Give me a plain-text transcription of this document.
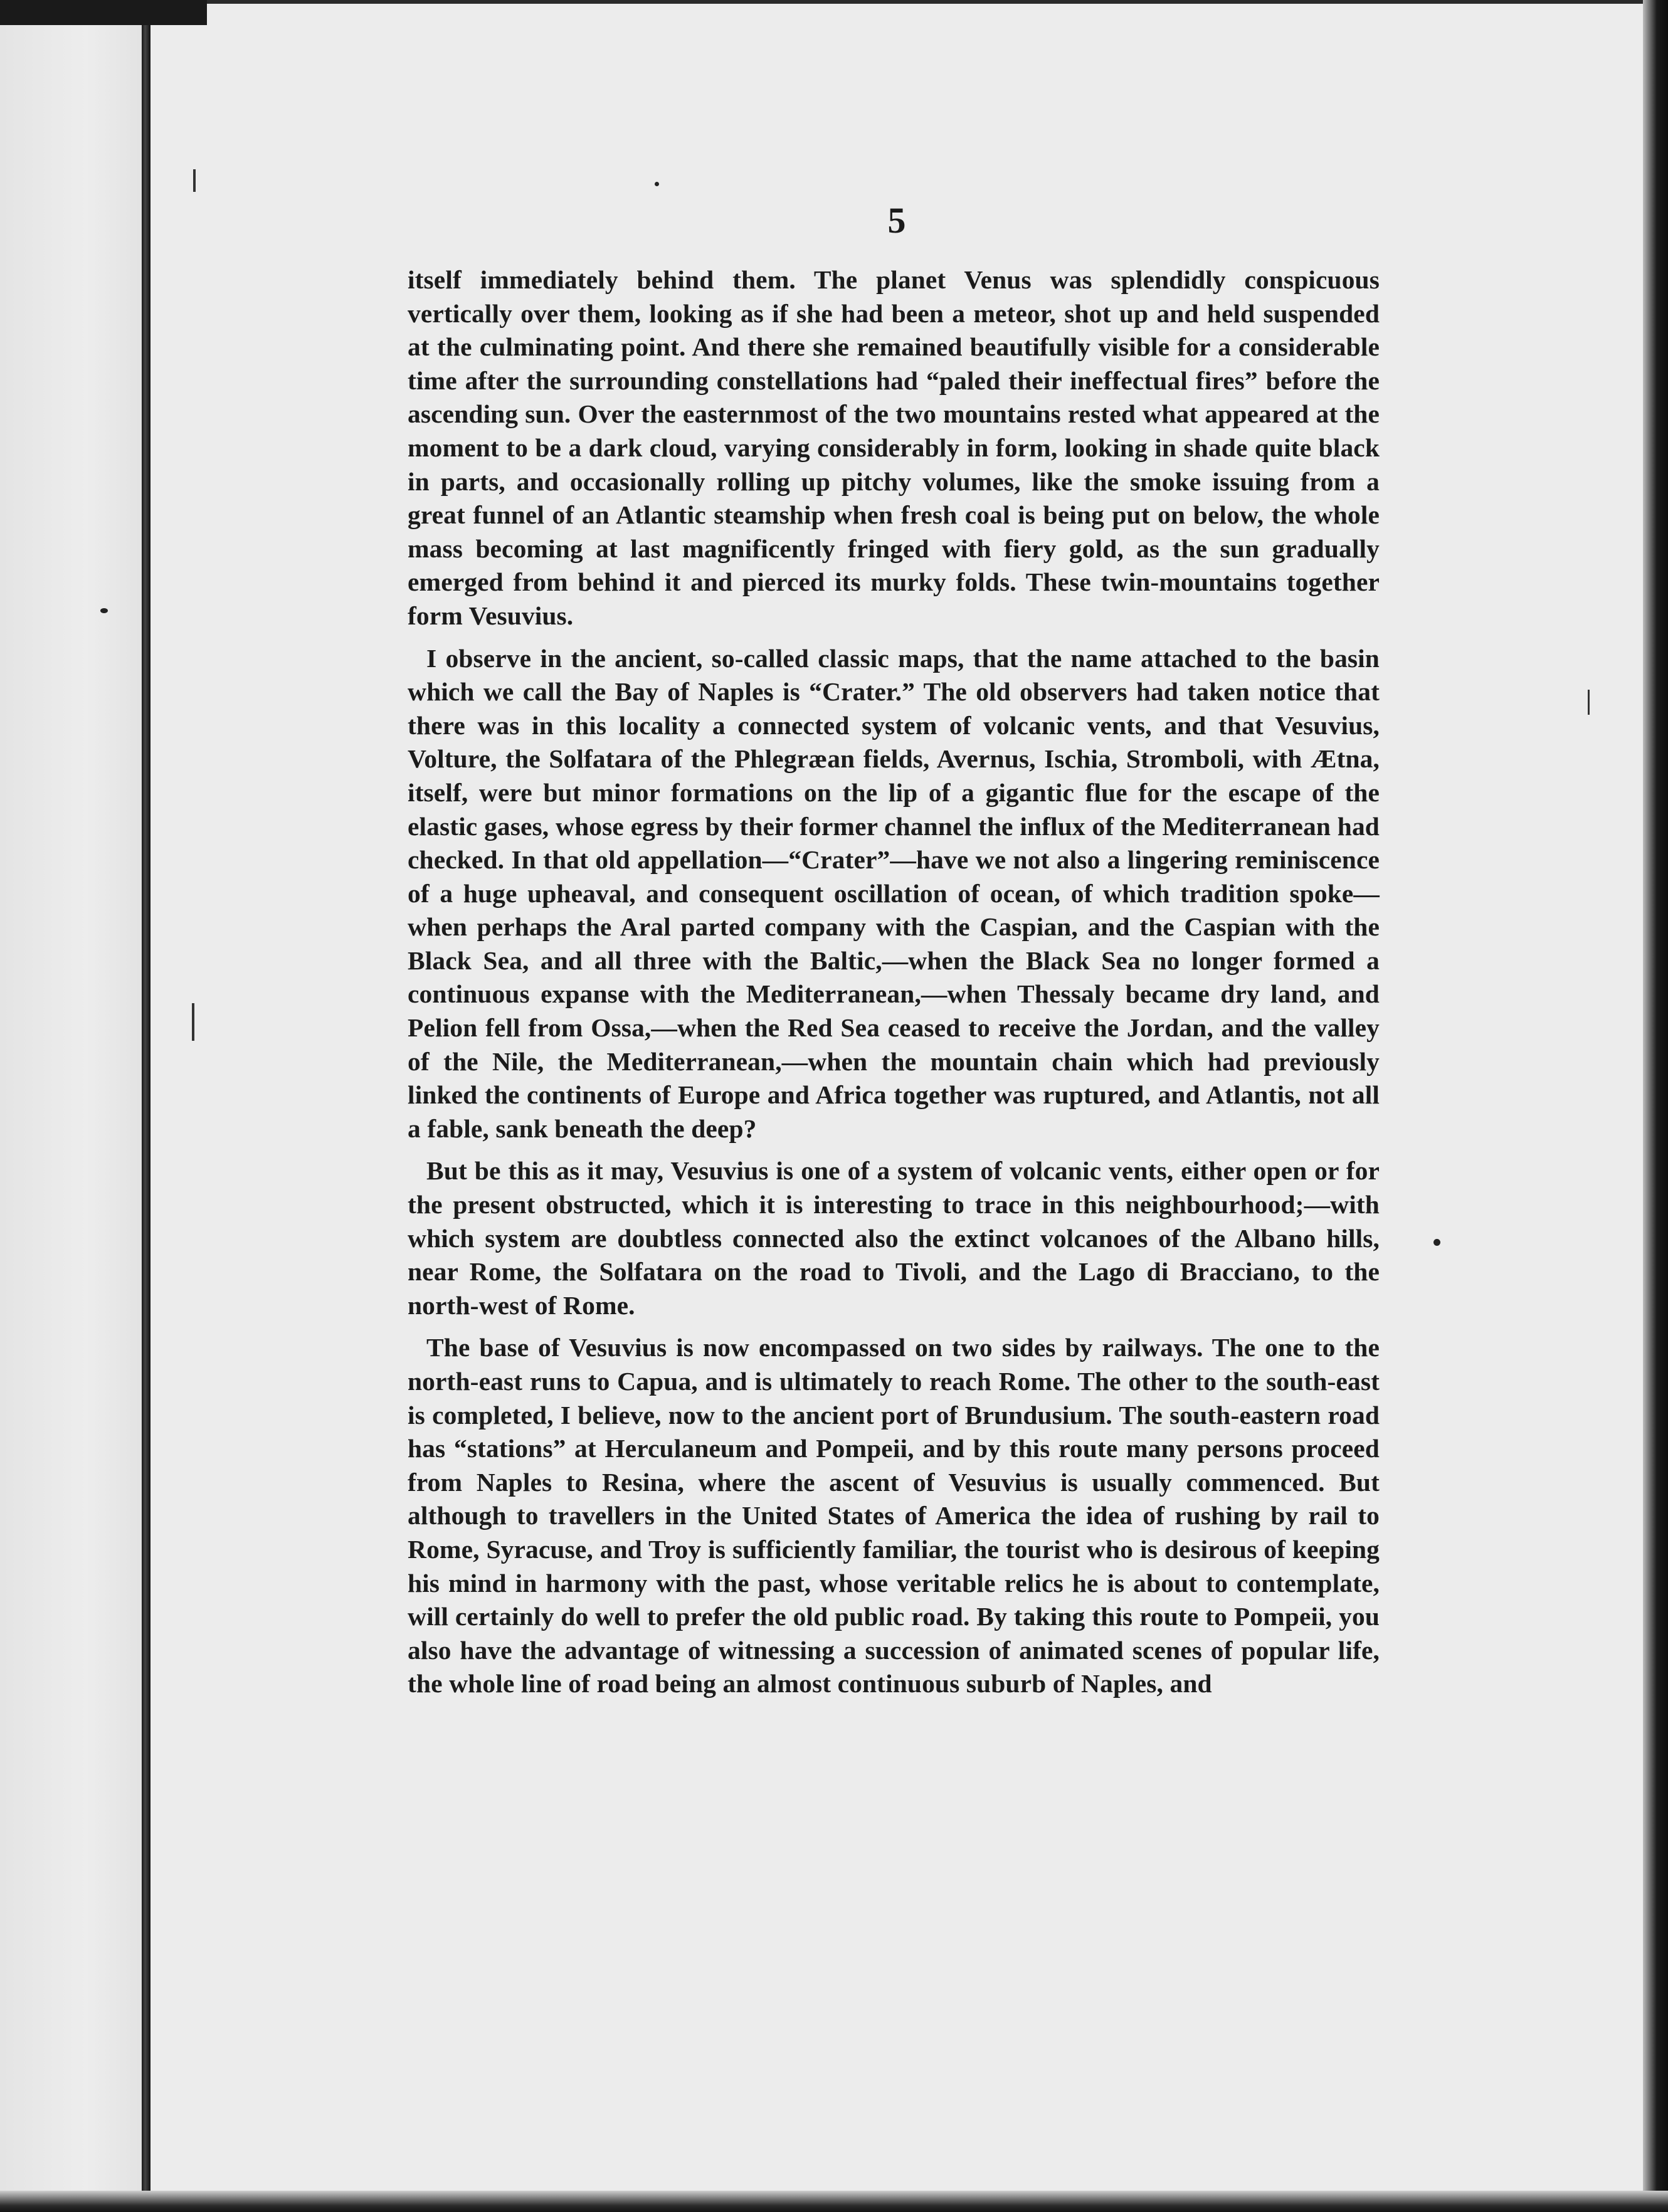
5

itself immediately behind them. The planet Venus was splendidly conspicuous vertically over them, looking as if she had been a meteor, shot up and held suspended at the culminating point. And there she remained beautifully visible for a considerable time after the surrounding constellations had “paled their ineffectual fires” before the ascending sun. Over the easternmost of the two mountains rested what appeared at the moment to be a dark cloud, varying considerably in form, looking in shade quite black in parts, and occasionally rolling up pitchy volumes, like the smoke issuing from a great funnel of an Atlantic steamship when fresh coal is being put on below, the whole mass becoming at last magnificently fringed with fiery gold, as the sun gradually emerged from behind it and pierced its murky folds. These twin-mountains together form Vesuvius.

I observe in the ancient, so-called classic maps, that the name attached to the basin which we call the Bay of Naples is “Crater.” The old observers had taken notice that there was in this locality a connected system of volcanic vents, and that Vesuvius, Volture, the Solfatara of the Phlegræan fields, Avernus, Ischia, Stromboli, with Ætna, itself, were but minor formations on the lip of a gigantic flue for the escape of the elastic gases, whose egress by their former channel the influx of the Mediterranean had checked. In that old appellation—“Crater”—have we not also a lingering reminiscence of a huge upheaval, and consequent oscillation of ocean, of which tradition spoke—when perhaps the Aral parted company with the Caspian, and the Caspian with the Black Sea, and all three with the Baltic,—when the Black Sea no longer formed a continuous expanse with the Mediterranean,—when Thessaly became dry land, and Pelion fell from Ossa,—when the Red Sea ceased to receive the Jordan, and the valley of the Nile, the Mediterranean,—when the mountain chain which had previously linked the continents of Europe and Africa together was ruptured, and Atlantis, not all a fable, sank beneath the deep?

But be this as it may, Vesuvius is one of a system of volcanic vents, either open or for the present obstructed, which it is interesting to trace in this neighbourhood;—with which system are doubtless connected also the extinct volcanoes of the Albano hills, near Rome, the Solfatara on the road to Tivoli, and the Lago di Bracciano, to the north-west of Rome.

The base of Vesuvius is now encompassed on two sides by railways. The one to the north-east runs to Capua, and is ultimately to reach Rome. The other to the south-east is completed, I believe, now to the ancient port of Brundusium. The south-eastern road has “stations” at Herculaneum and Pompeii, and by this route many persons proceed from Naples to Resina, where the ascent of Vesuvius is usually commenced. But although to travellers in the United States of America the idea of rushing by rail to Rome, Syracuse, and Troy is sufficiently familiar, the tourist who is desirous of keeping his mind in harmony with the past, whose veritable relics he is about to contemplate, will certainly do well to prefer the old public road. By taking this route to Pompeii, you also have the advantage of witnessing a succession of animated scenes of popular life, the whole line of road being an almost continuous suburb of Naples, and
